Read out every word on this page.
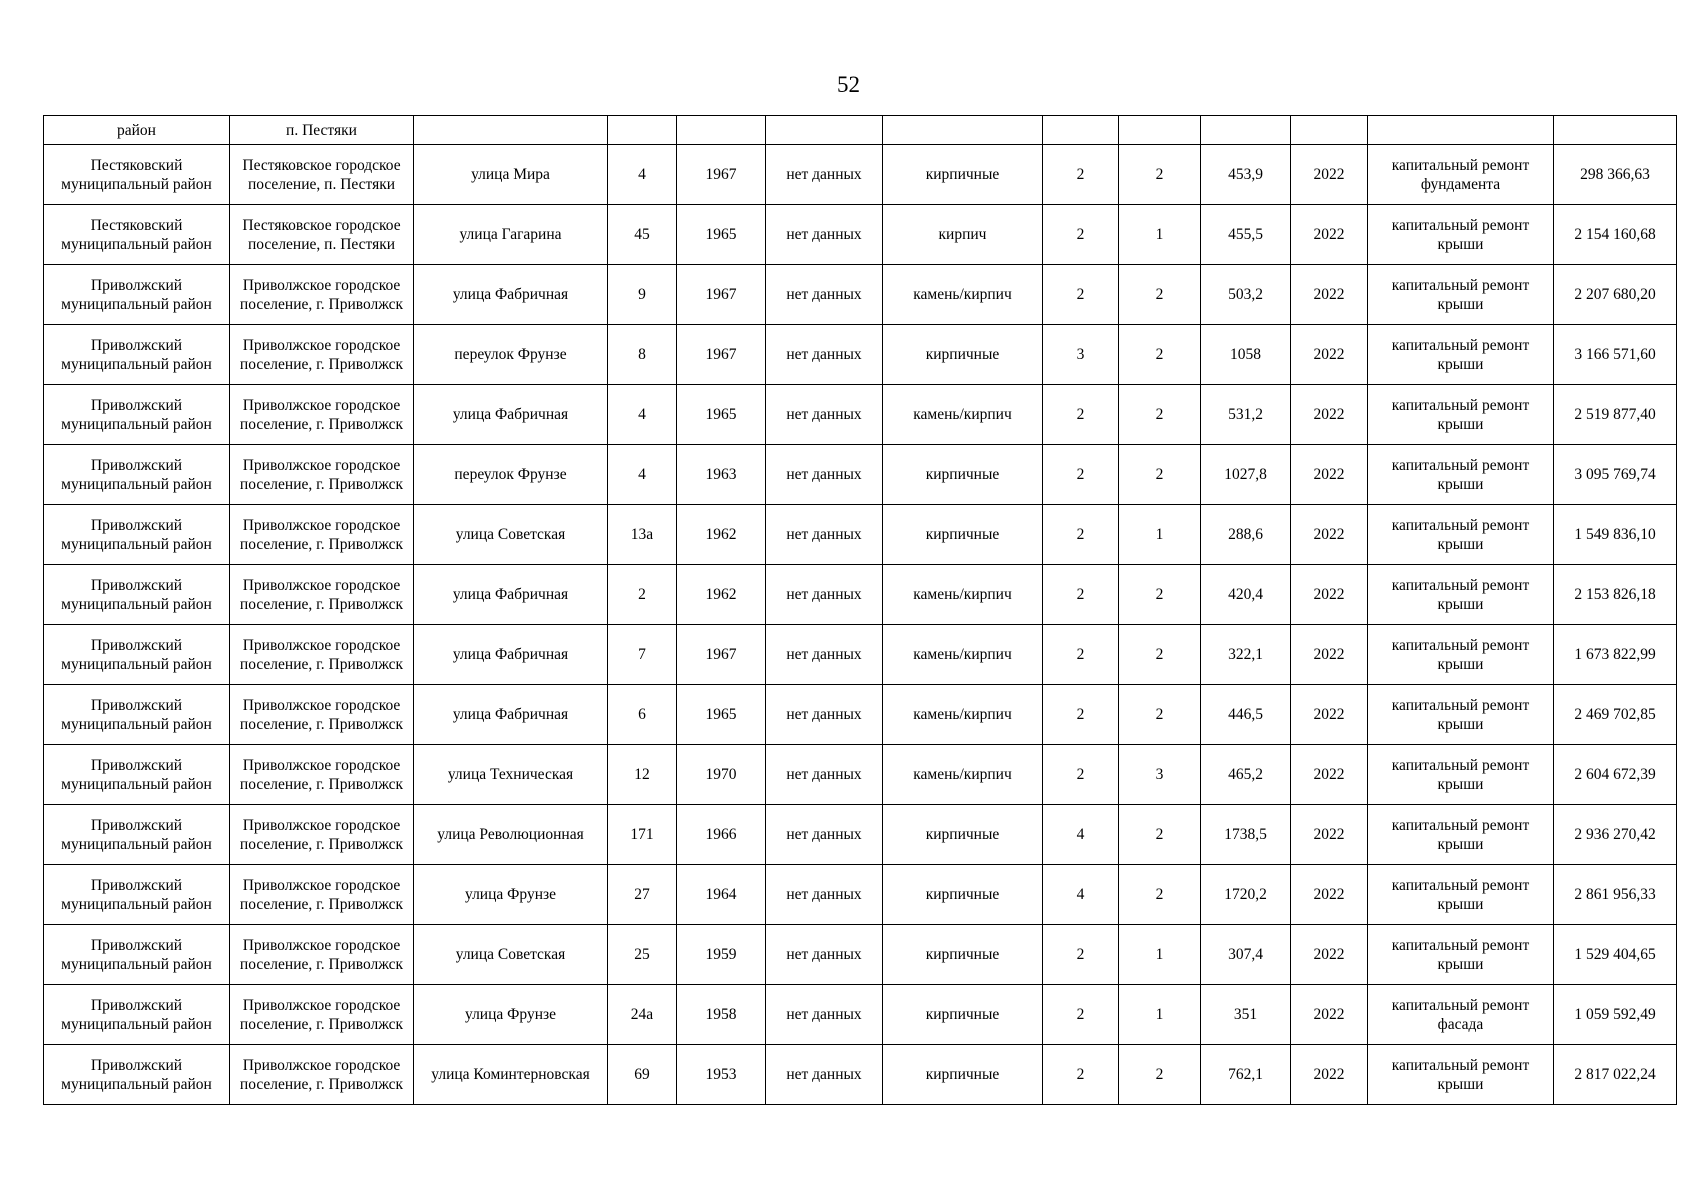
52
район	п. Пестяки											
Пестяковский муниципальный район	Пестяковское городское поселение, п. Пестяки	улица Мира	4	1967	нет данных	кирпичные	2	2	453,9	2022	капитальный ремонт фундамента	298 366,63
Пестяковский муниципальный район	Пестяковское городское поселение, п. Пестяки	улица Гагарина	45	1965	нет данных	кирпич	2	1	455,5	2022	капитальный ремонт крыши	2 154 160,68
Приволжский муниципальный район	Приволжское городское поселение, г. Приволжск	улица Фабричная	9	1967	нет данных	камень/кирпич	2	2	503,2	2022	капитальный ремонт крыши	2 207 680,20
Приволжский муниципальный район	Приволжское городское поселение, г. Приволжск	переулок Фрунзе	8	1967	нет данных	кирпичные	3	2	1058	2022	капитальный ремонт крыши	3 166 571,60
Приволжский муниципальный район	Приволжское городское поселение, г. Приволжск	улица Фабричная	4	1965	нет данных	камень/кирпич	2	2	531,2	2022	капитальный ремонт крыши	2 519 877,40
Приволжский муниципальный район	Приволжское городское поселение, г. Приволжск	переулок Фрунзе	4	1963	нет данных	кирпичные	2	2	1027,8	2022	капитальный ремонт крыши	3 095 769,74
Приволжский муниципальный район	Приволжское городское поселение, г. Приволжск	улица Советская	13а	1962	нет данных	кирпичные	2	1	288,6	2022	капитальный ремонт крыши	1 549 836,10
Приволжский муниципальный район	Приволжское городское поселение, г. Приволжск	улица Фабричная	2	1962	нет данных	камень/кирпич	2	2	420,4	2022	капитальный ремонт крыши	2 153 826,18
Приволжский муниципальный район	Приволжское городское поселение, г. Приволжск	улица Фабричная	7	1967	нет данных	камень/кирпич	2	2	322,1	2022	капитальный ремонт крыши	1 673 822,99
Приволжский муниципальный район	Приволжское городское поселение, г. Приволжск	улица Фабричная	6	1965	нет данных	камень/кирпич	2	2	446,5	2022	капитальный ремонт крыши	2 469 702,85
Приволжский муниципальный район	Приволжское городское поселение, г. Приволжск	улица Техническая	12	1970	нет данных	камень/кирпич	2	3	465,2	2022	капитальный ремонт крыши	2 604 672,39
Приволжский муниципальный район	Приволжское городское поселение, г. Приволжск	улица Революционная	171	1966	нет данных	кирпичные	4	2	1738,5	2022	капитальный ремонт крыши	2 936 270,42
Приволжский муниципальный район	Приволжское городское поселение, г. Приволжск	улица Фрунзе	27	1964	нет данных	кирпичные	4	2	1720,2	2022	капитальный ремонт крыши	2 861 956,33
Приволжский муниципальный район	Приволжское городское поселение, г. Приволжск	улица Советская	25	1959	нет данных	кирпичные	2	1	307,4	2022	капитальный ремонт крыши	1 529 404,65
Приволжский муниципальный район	Приволжское городское поселение, г. Приволжск	улица Фрунзе	24а	1958	нет данных	кирпичные	2	1	351	2022	капитальный ремонт фасада	1 059 592,49
Приволжский муниципальный район	Приволжское городское поселение, г. Приволжск	улица Коминтерновская	69	1953	нет данных	кирпичные	2	2	762,1	2022	капитальный ремонт крыши	2 817 022,24
